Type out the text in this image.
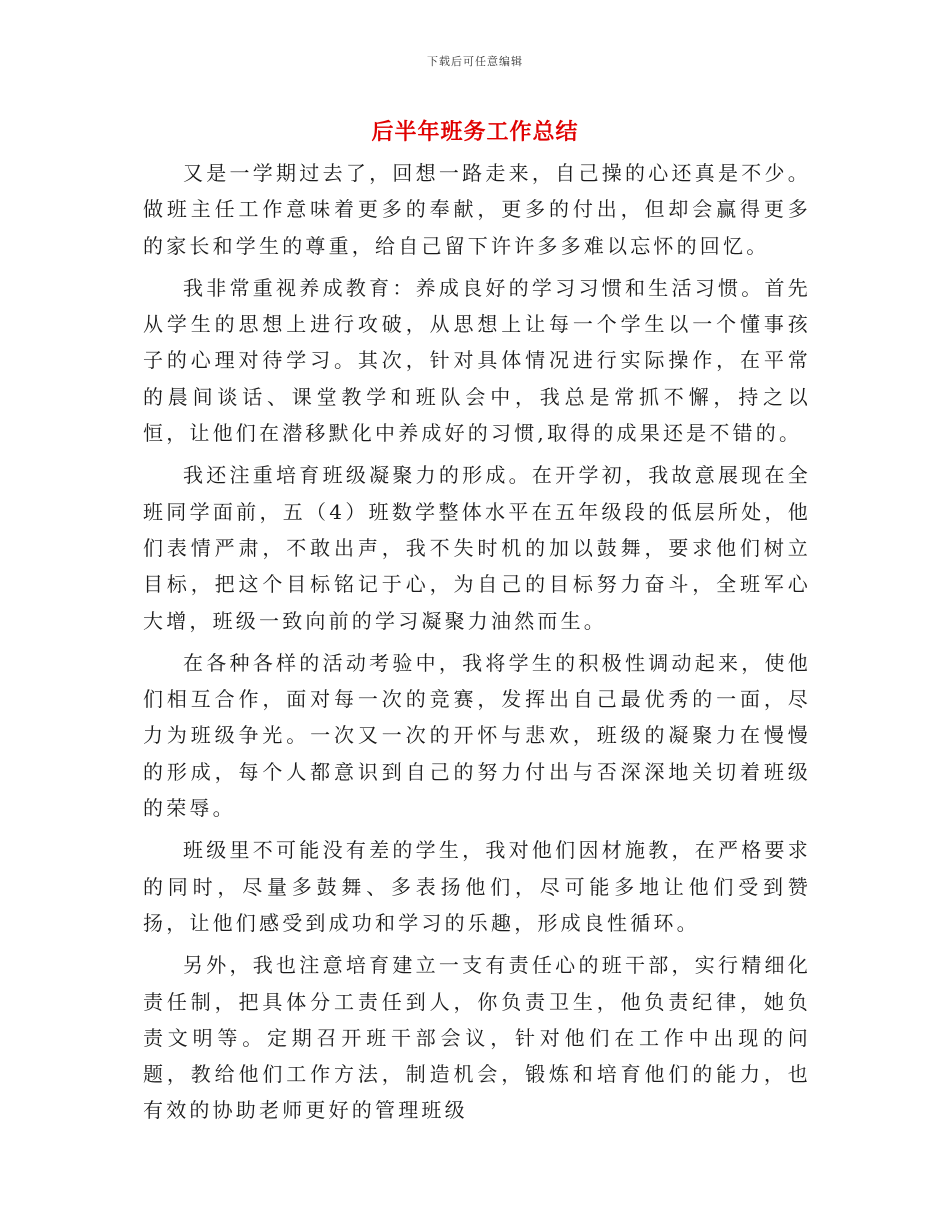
下载后可任意编辑
后半年班务工作总结

又是一学期过去了，回想一路走来，自己操的心还真是不少。做班主任工作意味着更多的奉献，更多的付出，但却会赢得更多的家长和学生的尊重，给自己留下许许多多难以忘怀的回忆。

我非常重视养成教育：养成良好的学习习惯和生活习惯。首先从学生的思想上进行攻破，从思想上让每一个学生以一个懂事孩子的心理对待学习。其次，针对具体情况进行实际操作，在平常的晨间谈话、课堂教学和班队会中，我总是常抓不懈，持之以恒，让他们在潜移默化中养成好的习惯,取得的成果还是不错的。

我还注重培育班级凝聚力的形成。在开学初，我故意展现在全班同学面前，五（4）班数学整体水平在五年级段的低层所处，他们表情严肃，不敢出声，我不失时机的加以鼓舞，要求他们树立目标，把这个目标铭记于心，为自己的目标努力奋斗，全班军心大增，班级一致向前的学习凝聚力油然而生。

在各种各样的活动考验中，我将学生的积极性调动起来，使他们相互合作，面对每一次的竞赛，发挥出自己最优秀的一面，尽力为班级争光。一次又一次的开怀与悲欢，班级的凝聚力在慢慢的形成，每个人都意识到自己的努力付出与否深深地关切着班级的荣辱。

班级里不可能没有差的学生，我对他们因材施教，在严格要求的同时，尽量多鼓舞、多表扬他们，尽可能多地让他们受到赞扬，让他们感受到成功和学习的乐趣，形成良性循环。

另外，我也注意培育建立一支有责任心的班干部，实行精细化责任制，把具体分工责任到人，你负责卫生，他负责纪律，她负责文明等。定期召开班干部会议，针对他们在工作中出现的问题，教给他们工作方法，制造机会，锻炼和培育他们的能力，也有效的协助老师更好的管理班级
